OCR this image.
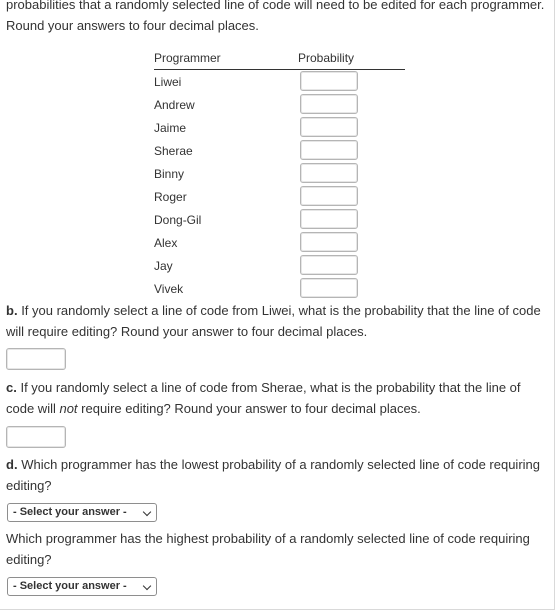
probabilities that a randomly selected line of code will need to be edited for each programmer. Round your answers to four decimal places.

Programmer	Probability
Liwei
Andrew
Jaime
Sherae
Binny
Roger
Dong-Gil
Alex
Jay
Vivek

b. If you randomly select a line of code from Liwei, what is the probability that the line of code will require editing? Round your answer to four decimal places.

c. If you randomly select a line of code from Sherae, what is the probability that the line of code will not require editing? Round your answer to four decimal places.

d. Which programmer has the lowest probability of a randomly selected line of code requiring editing?

- Select your answer -

Which programmer has the highest probability of a randomly selected line of code requiring editing?

- Select your answer -
